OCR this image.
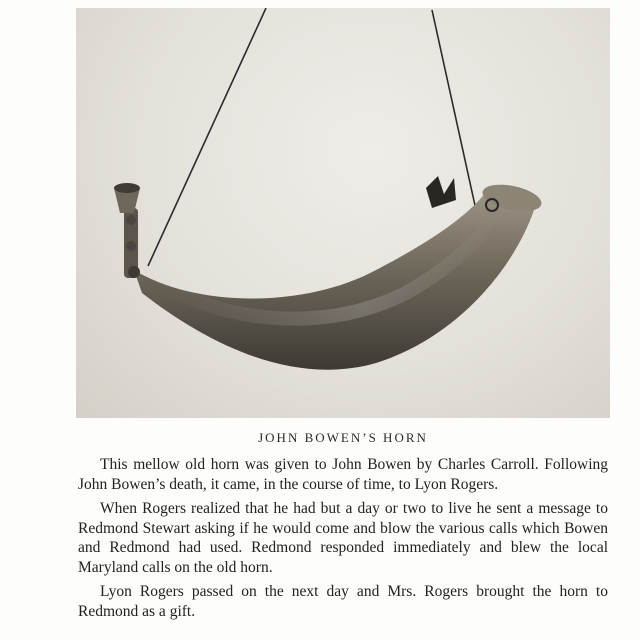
JOHN BOWEN’S HORN

This mellow old horn was given to John Bowen by Charles Carroll. Following John Bowen’s death, it came, in the course of time, to Lyon Rogers.

When Rogers realized that he had but a day or two to live he sent a message to Redmond Stewart asking if he would come and blow the various calls which Bowen and Redmond had used. Redmond responded immediately and blew the local Maryland calls on the old horn.

Lyon Rogers passed on the next day and Mrs. Rogers brought the horn to Redmond as a gift.
